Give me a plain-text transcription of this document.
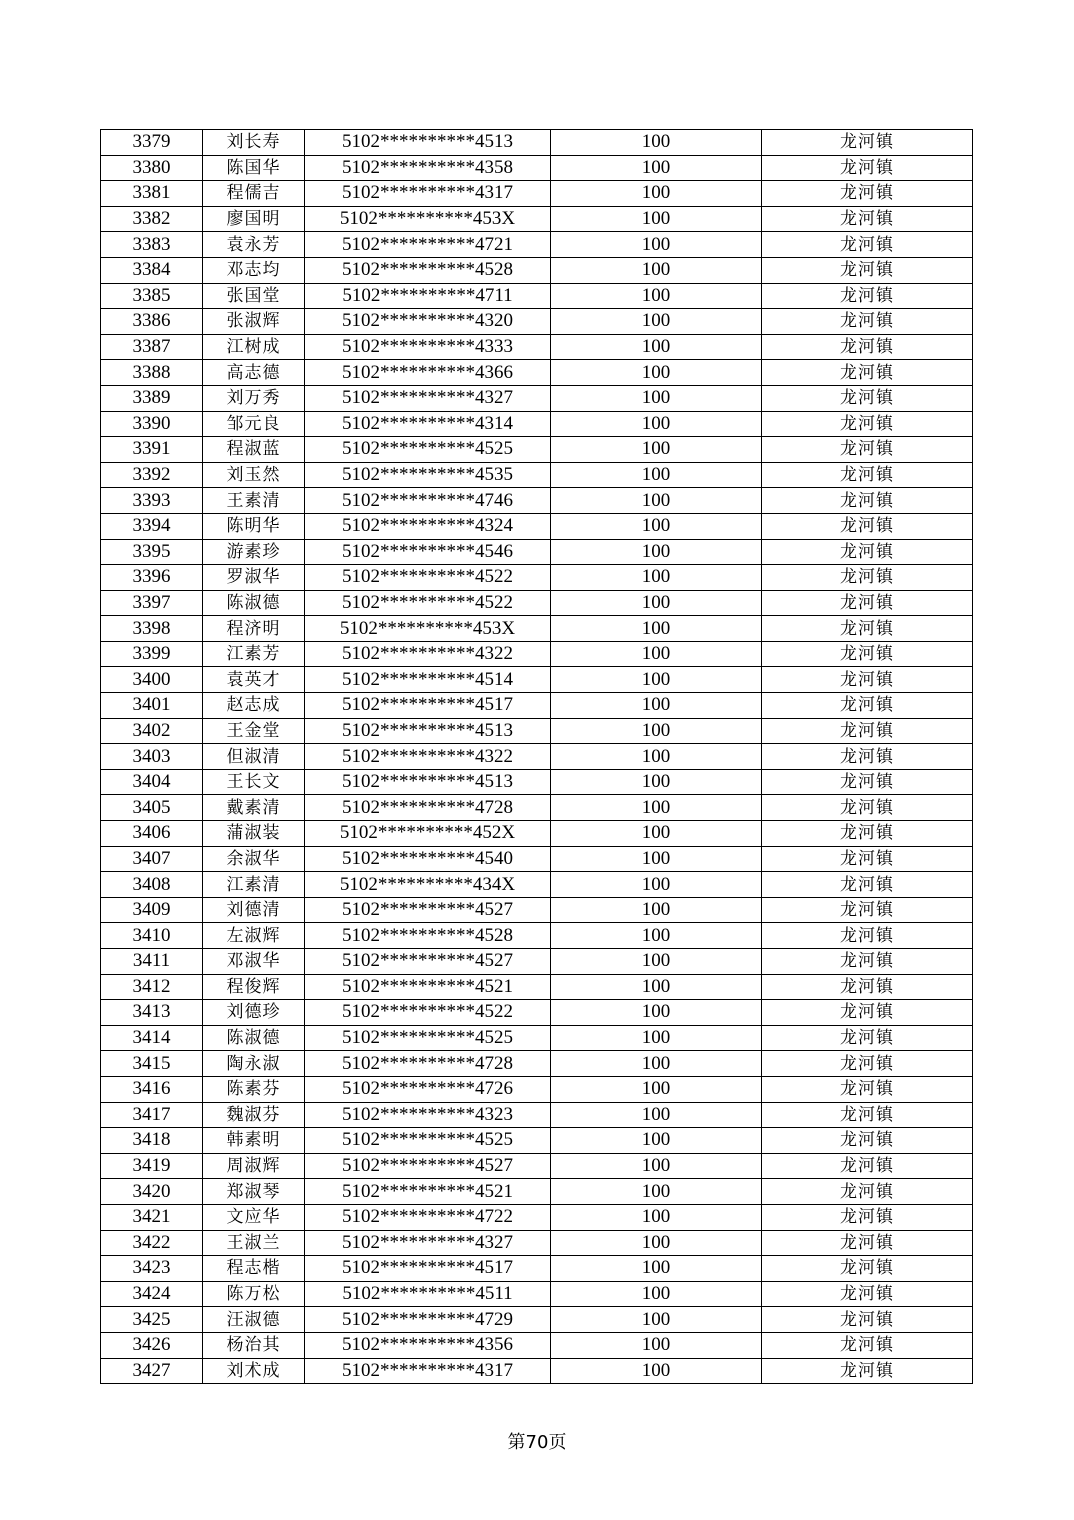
3379	刘长寿	5102**********4513	100	龙河镇
3380	陈国华	5102**********4358	100	龙河镇
3381	程儒吉	5102**********4317	100	龙河镇
3382	廖国明	5102**********453X	100	龙河镇
3383	袁永芳	5102**********4721	100	龙河镇
3384	邓志均	5102**********4528	100	龙河镇
3385	张国堂	5102**********4711	100	龙河镇
3386	张淑辉	5102**********4320	100	龙河镇
3387	江树成	5102**********4333	100	龙河镇
3388	高志德	5102**********4366	100	龙河镇
3389	刘万秀	5102**********4327	100	龙河镇
3390	邹元良	5102**********4314	100	龙河镇
3391	程淑蓝	5102**********4525	100	龙河镇
3392	刘玉然	5102**********4535	100	龙河镇
3393	王素清	5102**********4746	100	龙河镇
3394	陈明华	5102**********4324	100	龙河镇
3395	游素珍	5102**********4546	100	龙河镇
3396	罗淑华	5102**********4522	100	龙河镇
3397	陈淑德	5102**********4522	100	龙河镇
3398	程济明	5102**********453X	100	龙河镇
3399	江素芳	5102**********4322	100	龙河镇
3400	袁英才	5102**********4514	100	龙河镇
3401	赵志成	5102**********4517	100	龙河镇
3402	王金堂	5102**********4513	100	龙河镇
3403	但淑清	5102**********4322	100	龙河镇
3404	王长文	5102**********4513	100	龙河镇
3405	戴素清	5102**********4728	100	龙河镇
3406	蒲淑装	5102**********452X	100	龙河镇
3407	余淑华	5102**********4540	100	龙河镇
3408	江素清	5102**********434X	100	龙河镇
3409	刘德清	5102**********4527	100	龙河镇
3410	左淑辉	5102**********4528	100	龙河镇
3411	邓淑华	5102**********4527	100	龙河镇
3412	程俊辉	5102**********4521	100	龙河镇
3413	刘德珍	5102**********4522	100	龙河镇
3414	陈淑德	5102**********4525	100	龙河镇
3415	陶永淑	5102**********4728	100	龙河镇
3416	陈素芬	5102**********4726	100	龙河镇
3417	魏淑芬	5102**********4323	100	龙河镇
3418	韩素明	5102**********4525	100	龙河镇
3419	周淑辉	5102**********4527	100	龙河镇
3420	郑淑琴	5102**********4521	100	龙河镇
3421	文应华	5102**********4722	100	龙河镇
3422	王淑兰	5102**********4327	100	龙河镇
3423	程志楷	5102**********4517	100	龙河镇
3424	陈万松	5102**********4511	100	龙河镇
3425	汪淑德	5102**********4729	100	龙河镇
3426	杨治其	5102**********4356	100	龙河镇
3427	刘术成	5102**********4317	100	龙河镇
第70页
